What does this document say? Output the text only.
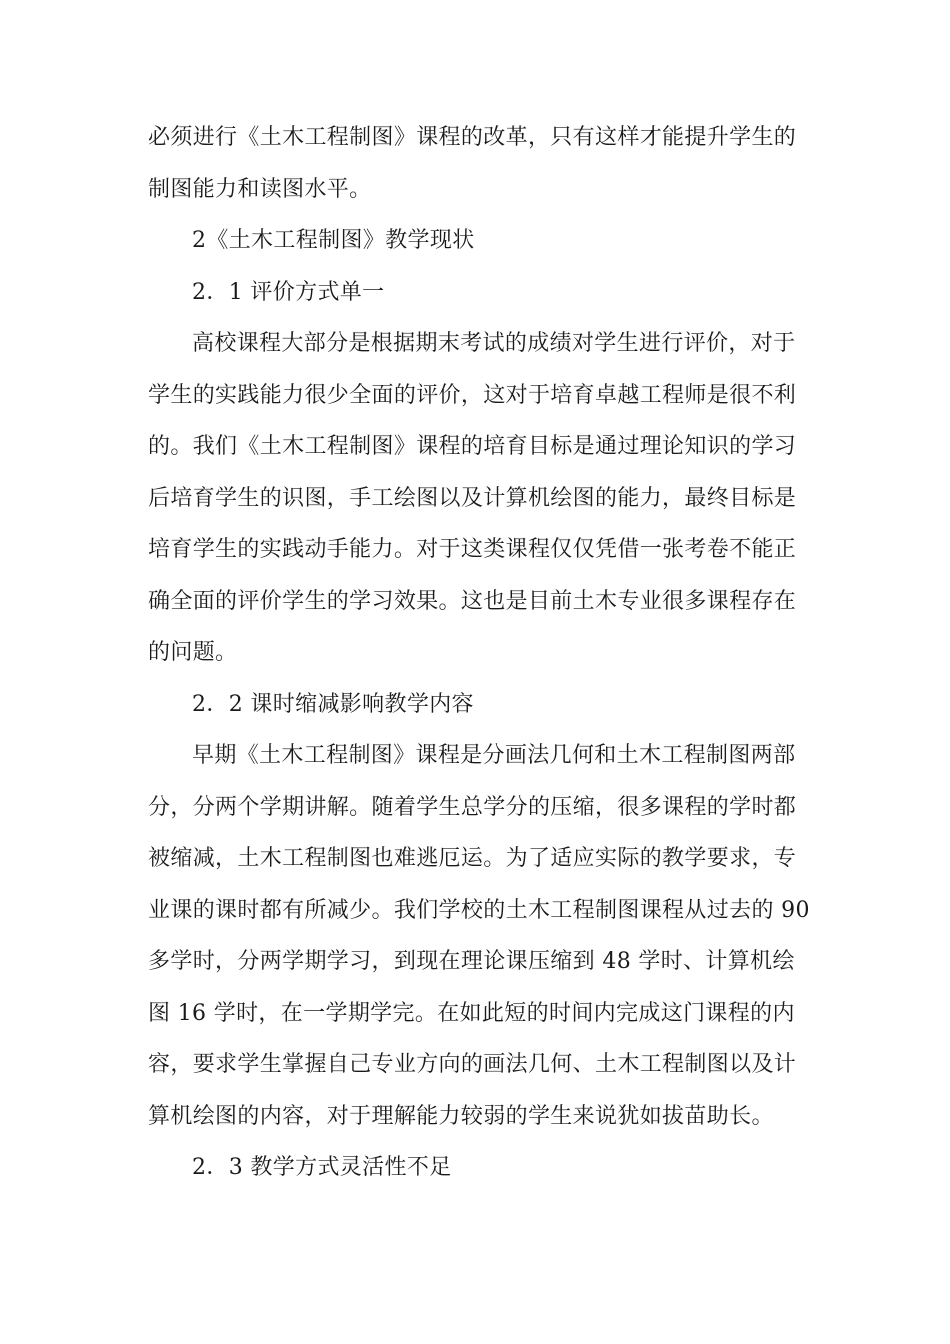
必须进行《土木工程制图》课程的改革，只有这样才能提升学生的
制图能力和读图水平。
2《土木工程制图》教学现状
2．1 评价方式单一
高校课程大部分是根据期末考试的成绩对学生进行评价，对于
学生的实践能力很少全面的评价，这对于培育卓越工程师是很不利
的。我们《土木工程制图》课程的培育目标是通过理论知识的学习
后培育学生的识图，手工绘图以及计算机绘图的能力，最终目标是
培育学生的实践动手能力。对于这类课程仅仅凭借一张考卷不能正
确全面的评价学生的学习效果。这也是目前土木专业很多课程存在
的问题。
2．2 课时缩减影响教学内容
早期《土木工程制图》课程是分画法几何和土木工程制图两部
分，分两个学期讲解。随着学生总学分的压缩，很多课程的学时都
被缩减，土木工程制图也难逃厄运。为了适应实际的教学要求，专
业课的课时都有所减少。我们学校的土木工程制图课程从过去的 90
多学时，分两学期学习，到现在理论课压缩到 48 学时、计算机绘
图 16 学时，在一学期学完。在如此短的时间内完成这门课程的内
容，要求学生掌握自己专业方向的画法几何、土木工程制图以及计
算机绘图的内容，对于理解能力较弱的学生来说犹如拔苗助长。
2．3 教学方式灵活性不足
